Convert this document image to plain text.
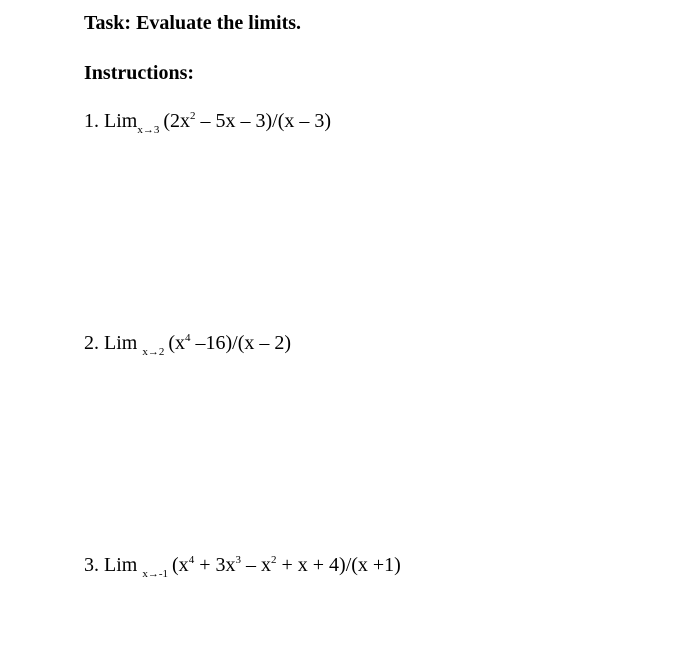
Task: Evaluate the limits.
Instructions:
1. Lim$_{x\to 3}$ $(2x^2 - 5x - 3)/(x - 3)$
2. Lim $_{x\to 2}$ ($x^4$ –16)/(x – 2)
3. Lim $_{x\to-1}$ $(x^4 + 3x^3 - x^2 + x + 4)/(x +1)$
